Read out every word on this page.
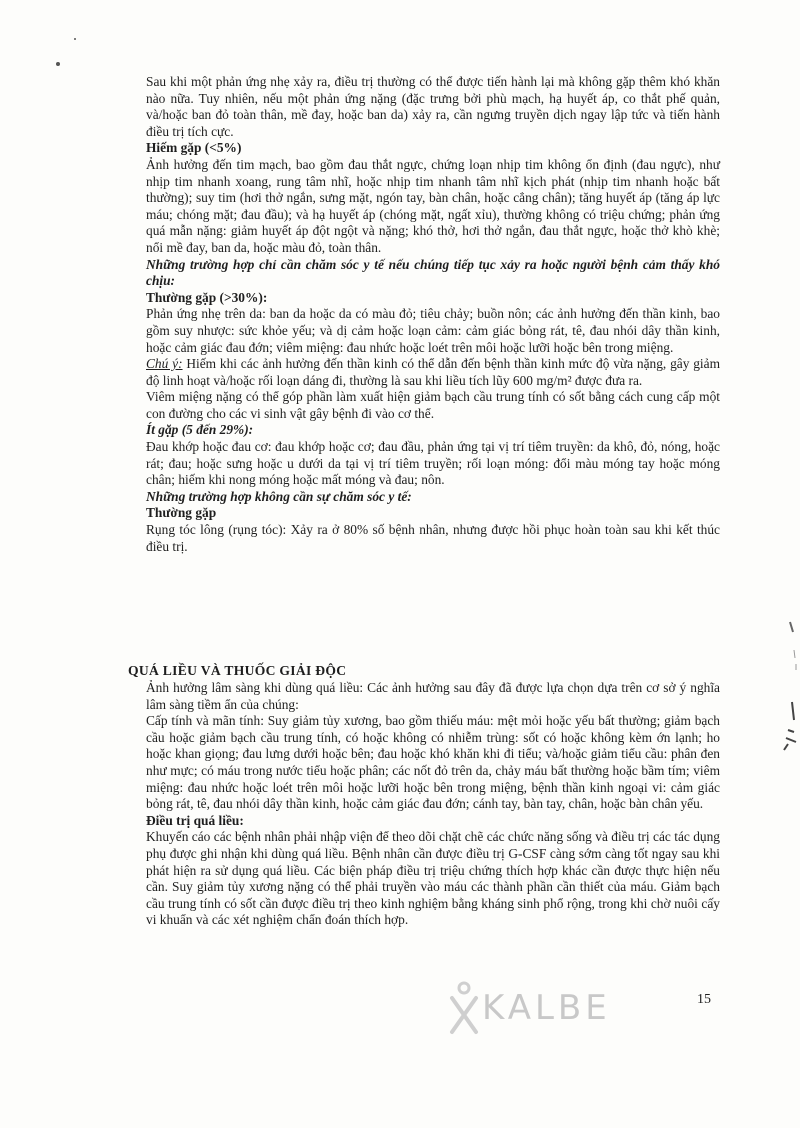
Sau khi một phản ứng nhẹ xảy ra, điều trị thường có thể được tiến hành lại mà không gặp thêm khó khăn nào nữa. Tuy nhiên, nếu một phản ứng nặng (đặc trưng bởi phù mạch, hạ huyết áp, co thắt phế quản, và/hoặc ban đỏ toàn thân, mề đay, hoặc ban da) xảy ra, cần ngưng truyền dịch ngay lập tức và tiến hành điều trị tích cực.

Hiếm gặp (<5%)

Ảnh hưởng đến tim mạch, bao gồm đau thắt ngực, chứng loạn nhịp tim không ổn định (đau ngực), như nhịp tim nhanh xoang, rung tâm nhĩ, hoặc nhịp tim nhanh tâm nhĩ kịch phát (nhịp tim nhanh hoặc bất thường); suy tim (hơi thở ngắn, sưng mặt, ngón tay, bàn chân, hoặc cẳng chân); tăng huyết áp (tăng áp lực máu; chóng mặt; đau đầu); và hạ huyết áp (chóng mặt, ngất xỉu), thường không có triệu chứng; phản ứng quá mẫn nặng: giảm huyết áp đột ngột và nặng; khó thở, hơi thở ngắn, đau thắt ngực, hoặc thở khò khè; nổi mề đay, ban da, hoặc màu đỏ, toàn thân.

Những trường hợp chỉ cần chăm sóc y tế nếu chúng tiếp tục xảy ra hoặc người bệnh cảm thấy khó chịu:

Thường gặp (>30%):

Phản ứng nhẹ trên da: ban da hoặc da có màu đỏ; tiêu chảy; buồn nôn; các ảnh hưởng đến thần kinh, bao gồm suy nhược: sức khỏe yếu; và dị cảm hoặc loạn cảm: cảm giác bỏng rát, tê, đau nhói dây thần kinh, hoặc cảm giác đau đớn; viêm miệng: đau nhức hoặc loét trên môi hoặc lưỡi hoặc bên trong miệng.

Chú ý: Hiếm khi các ảnh hưởng đến thần kinh có thể dẫn đến bệnh thần kinh mức độ vừa nặng, gây giảm độ linh hoạt và/hoặc rối loạn dáng đi, thường là sau khi liều tích lũy 600 mg/m² được đưa ra.

Viêm miệng nặng có thể góp phần làm xuất hiện giảm bạch cầu trung tính có sốt bằng cách cung cấp một con đường cho các vi sinh vật gây bệnh đi vào cơ thể.

Ít gặp (5 đến 29%):

Đau khớp hoặc đau cơ: đau khớp hoặc cơ; đau đầu, phản ứng tại vị trí tiêm truyền: da khô, đỏ, nóng, hoặc rát; đau; hoặc sưng hoặc u dưới da tại vị trí tiêm truyền; rối loạn móng: đổi màu móng tay hoặc móng chân; hiếm khi nong móng hoặc mất móng và đau; nôn.

Những trường hợp không cần sự chăm sóc y tế:

Thường gặp

Rụng tóc lông (rụng tóc): Xảy ra ở 80% số bệnh nhân, nhưng được hồi phục hoàn toàn sau khi kết thúc điều trị.

QUÁ LIỀU VÀ THUỐC GIẢI ĐỘC

Ảnh hưởng lâm sàng khi dùng quá liều: Các ảnh hưởng sau đây đã được lựa chọn dựa trên cơ sở ý nghĩa lâm sàng tiềm ẩn của chúng:

Cấp tính và mãn tính: Suy giảm tủy xương, bao gồm thiếu máu: mệt mỏi hoặc yếu bất thường; giảm bạch cầu hoặc giảm bạch cầu trung tính, có hoặc không có nhiễm trùng: sốt có hoặc không kèm ớn lạnh; ho hoặc khan giọng; đau lưng dưới hoặc bên; đau hoặc khó khăn khi đi tiểu; và/hoặc giảm tiểu cầu: phân đen như mực; có máu trong nước tiểu hoặc phân; các nốt đỏ trên da, chảy máu bất thường hoặc bầm tím; viêm miệng: đau nhức hoặc loét trên môi hoặc lưỡi hoặc bên trong miệng, bệnh thần kinh ngoại vi: cảm giác bỏng rát, tê, đau nhói dây thần kinh, hoặc cảm giác đau đớn; cánh tay, bàn tay, chân, hoặc bàn chân yếu.

Điều trị quá liều:

Khuyến cáo các bệnh nhân phải nhập viện để theo dõi chặt chẽ các chức năng sống và điều trị các tác dụng phụ được ghi nhận khi dùng quá liều. Bệnh nhân cần được điều trị G-CSF càng sớm càng tốt ngay sau khi phát hiện ra sử dụng quá liều. Các biện pháp điều trị triệu chứng thích hợp khác cần được thực hiện nếu cần. Suy giảm tủy xương nặng có thể phải truyền vào máu các thành phần cần thiết của máu. Giảm bạch cầu trung tính có sốt cần được điều trị theo kinh nghiệm bằng kháng sinh phổ rộng, trong khi chờ nuôi cấy vi khuẩn và các xét nghiệm chẩn đoán thích hợp.

KALBE	15
